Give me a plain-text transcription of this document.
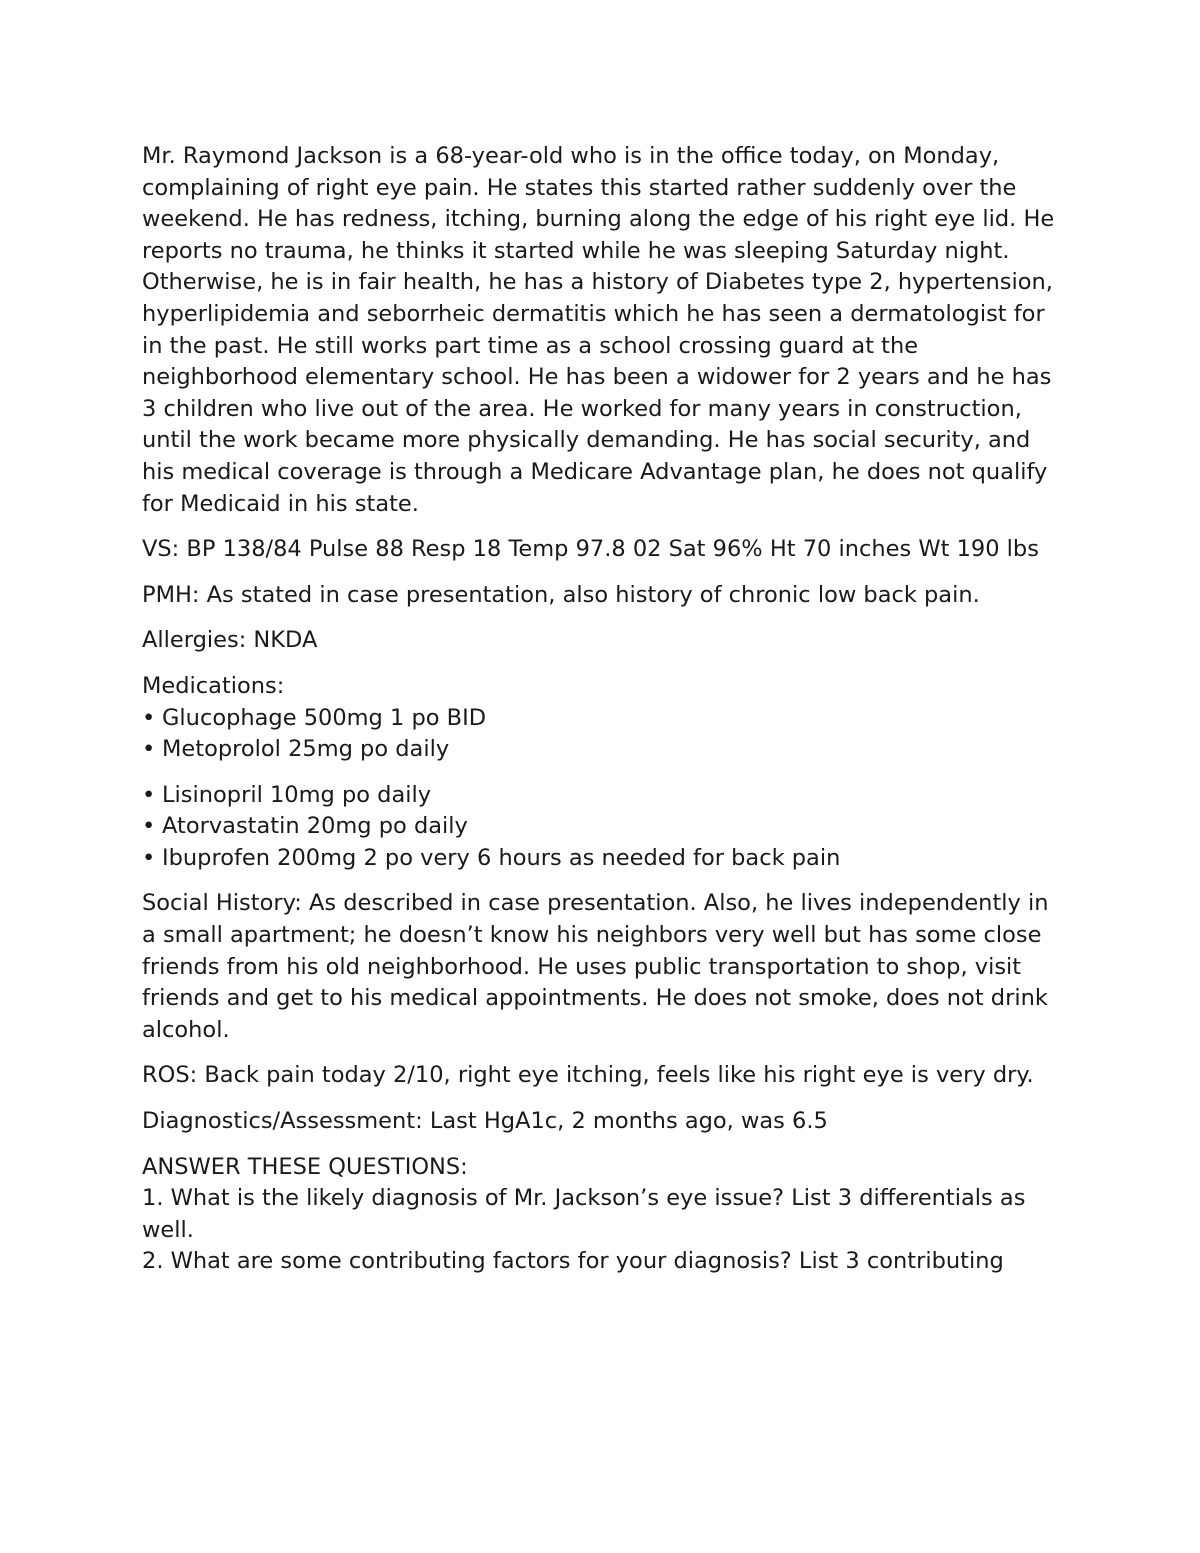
Mr. Raymond Jackson is a 68-year-old who is in the office today, on Monday, complaining of right eye pain. He states this started rather suddenly over the weekend. He has redness, itching, burning along the edge of his right eye lid. He reports no trauma, he thinks it started while he was sleeping Saturday night. Otherwise, he is in fair health, he has a history of Diabetes type 2, hypertension, hyperlipidemia and seborrheic dermatitis which he has seen a dermatologist for in the past. He still works part time as a school crossing guard at the neighborhood elementary school. He has been a widower for 2 years and he has 3 children who live out of the area. He worked for many years in construction, until the work became more physically demanding. He has social security, and his medical coverage is through a Medicare Advantage plan, he does not qualify for Medicaid in his state.

VS: BP 138/84 Pulse 88 Resp 18 Temp 97.8 02 Sat 96% Ht 70 inches Wt 190 lbs

PMH: As stated in case presentation, also history of chronic low back pain.

Allergies: NKDA

Medications:
• Glucophage 500mg 1 po BID
• Metoprolol 25mg po daily
• Lisinopril 10mg po daily
• Atorvastatin 20mg po daily
• Ibuprofen 200mg 2 po very 6 hours as needed for back pain

Social History: As described in case presentation. Also, he lives independently in a small apartment; he doesn’t know his neighbors very well but has some close friends from his old neighborhood. He uses public transportation to shop, visit friends and get to his medical appointments. He does not smoke, does not drink alcohol.

ROS: Back pain today 2/10, right eye itching, feels like his right eye is very dry.

Diagnostics/Assessment: Last HgA1c, 2 months ago, was 6.5

ANSWER THESE QUESTIONS:
1. What is the likely diagnosis of Mr. Jackson’s eye issue? List 3 differentials as well.
2. What are some contributing factors for your diagnosis? List 3 contributing
